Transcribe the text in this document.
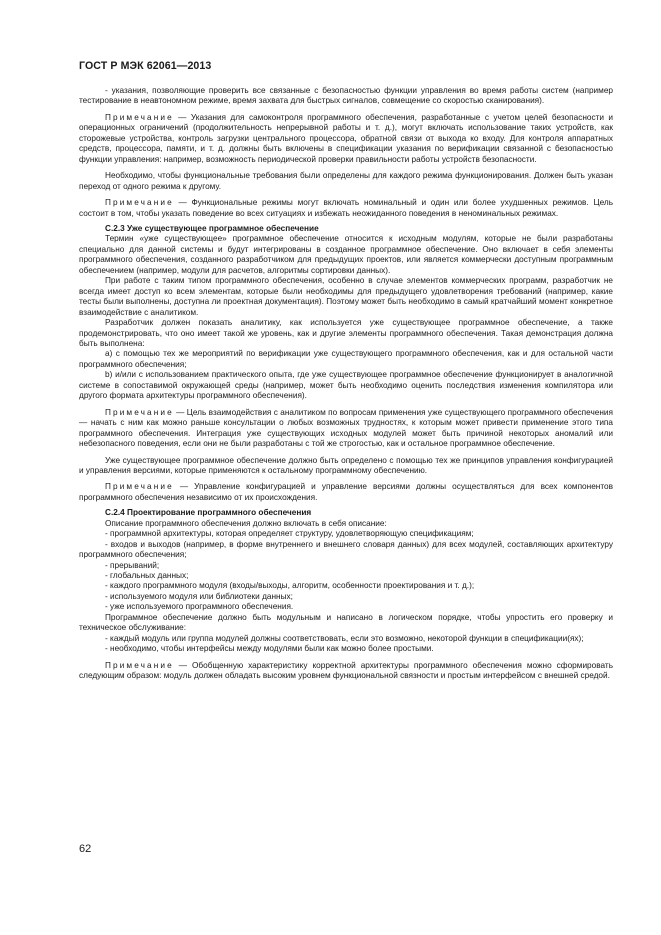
ГОСТ Р МЭК 62061—2013

- указания, позволяющие проверить все связанные с безопасностью функции управления во время работы систем (например тестирование в неавтономном режиме, время захвата для быстрых сигналов, совмещение со скоростью сканирования).

Примечание — Указания для самоконтроля программного обеспечения, разработанные с учетом целей безопасности и операционных ограничений (продолжительность непрерывной работы и т. д.), могут включать использование таких устройств, как сторожевые устройства, контроль загрузки центрального процессора, обратной связи от выхода ко входу. Для контроля аппаратных средств, процессора, памяти, и т. д. должны быть включены в спецификации указания по верификации связанной с безопасностью функции управления: например, возможность периодической проверки правильности работы устройств безопасности.

Необходимо, чтобы функциональные требования были определены для каждого режима функционирования. Должен быть указан переход от одного режима к другому.

Примечание — Функциональные режимы могут включать номинальный и один или более ухудшенных режимов. Цель состоит в том, чтобы указать поведение во всех ситуациях и избежать неожиданного поведения в неноминальных режимах.

C.2.3 Уже существующее программное обеспечение

Термин «уже существующее» программное обеспечение относится к исходным модулям, которые не были разработаны специально для данной системы и будут интегрированы в созданное программное обеспечение. Оно включает в себя элементы программного обеспечения, созданного разработчиком для предыдущих проектов, или является коммерчески доступным программным обеспечением (например, модули для расчетов, алгоритмы сортировки данных).

При работе с таким типом программного обеспечения, особенно в случае элементов коммерческих программ, разработчик не всегда имеет доступ ко всем элементам, которые были необходимы для предыдущего удовлетворения требований (например, какие тесты были выполнены, доступна ли проектная документация). Поэтому может быть необходимо в самый кратчайший момент конкретное взаимодействие с аналитиком.

Разработчик должен показать аналитику, как используется уже существующее программное обеспечение, а также продемонстрировать, что оно имеет такой же уровень, как и другие элементы программного обеспечения. Такая демонстрация должна быть выполнена:

a) с помощью тех же мероприятий по верификации уже существующего программного обеспечения, как и для остальной части программного обеспечения;

b) и/или с использованием практического опыта, где уже существующее программное обеспечение функционирует в аналогичной системе в сопоставимой окружающей среды (например, может быть необходимо оценить последствия изменения компилятора или другого формата архитектуры программного обеспечения).

Примечание — Цель взаимодействия с аналитиком по вопросам применения уже существующего программного обеспечения — начать с ним как можно раньше консультации о любых возможных трудностях, к которым может привести применение этого типа программного обеспечения. Интеграция уже существующих исходных модулей может быть причиной некоторых аномалий или небезопасного поведения, если они не были разработаны с той же строгостью, как и остальное программное обеспечение.

Уже существующее программное обеспечение должно быть определено с помощью тех же принципов управления конфигурацией и управления версиями, которые применяются к остальному программному обеспечению.

Примечание — Управление конфигурацией и управление версиями должны осуществляться для всех компонентов программного обеспечения независимо от их происхождения.

C.2.4 Проектирование программного обеспечения

Описание программного обеспечения должно включать в себя описание:

- программной архитектуры, которая определяет структуру, удовлетворяющую спецификациям;

- входов и выходов (например, в форме внутреннего и внешнего словаря данных) для всех модулей, составляющих архитектуру программного обеспечения;

- прерываний;

- глобальных данных;

- каждого программного модуля (входы/выходы, алгоритм, особенности проектирования и т. д.);

- используемого модуля или библиотеки данных;

- уже используемого программного обеспечения.

Программное обеспечение должно быть модульным и написано в логическом порядке, чтобы упростить его проверку и техническое обслуживание:

- каждый модуль или группа модулей должны соответствовать, если это возможно, некоторой функции в спецификации(ях);

- необходимо, чтобы интерфейсы между модулями были как можно более простыми.

Примечание — Обобщенную характеристику корректной архитектуры программного обеспечения можно сформировать следующим образом: модуль должен обладать высоким уровнем функциональной связности и простым интерфейсом с внешней средой.

62
